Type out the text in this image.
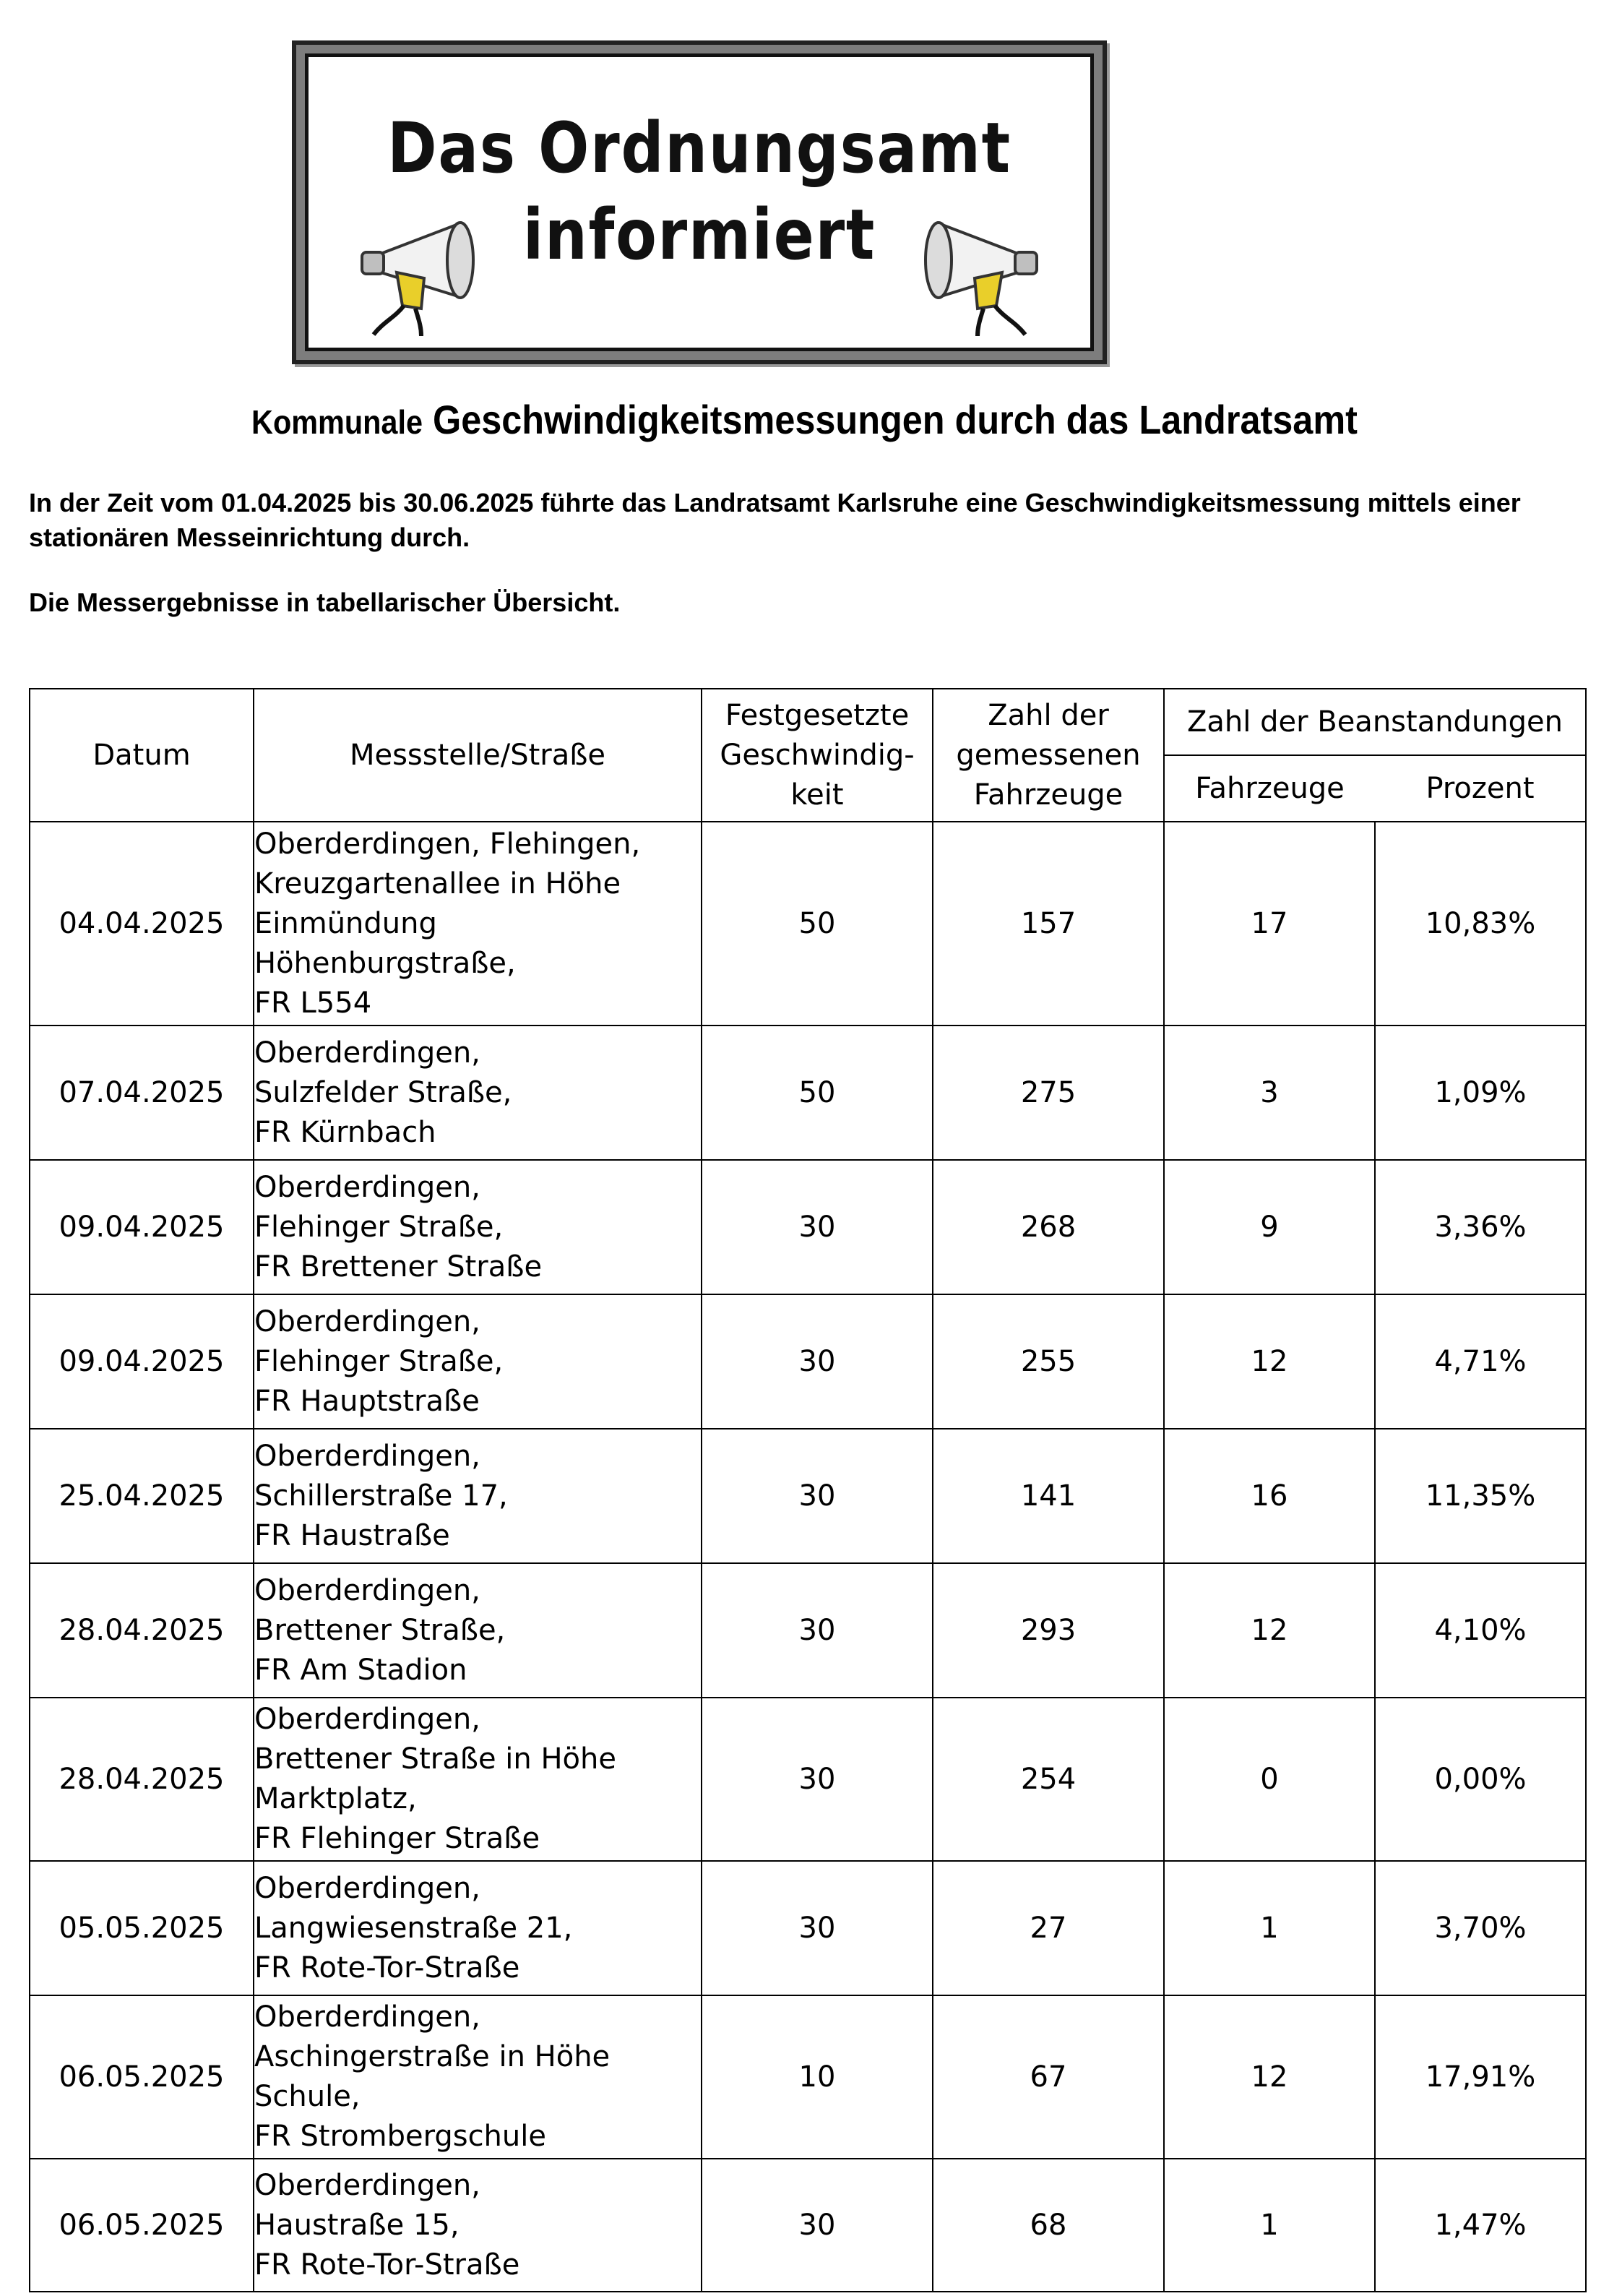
Das Ordnungsamt
informiert
Kommunale Geschwindigkeitsmessungen durch das Landratsamt

In der Zeit vom 01.04.2025 bis 30.06.2025 führte das Landratsamt Karlsruhe eine Geschwindigkeitsmessung mittels einer stationären Messeinrichtung durch.

Die Messergebnisse in tabellarischer Übersicht.

Datum	Messstelle/Straße	Festgesetzte
Geschwindig-
keit	Zahl der
gemessenen
Fahrzeuge	Zahl der Beanstandungen	
				Fahrzeuge	Prozent
04.04.2025	Oberderdingen, Flehingen,
Kreuzgartenallee in Höhe
Einmündung
Höhenburgstraße,
FR L554	50	157	17	10,83%
07.04.2025	Oberderdingen,
Sulzfelder Straße,
FR Kürnbach	50	275	3	1,09%
09.04.2025	Oberderdingen,
Flehinger Straße,
FR Brettener Straße	30	268	9	3,36%
09.04.2025	Oberderdingen,
Flehinger Straße,
FR Hauptstraße	30	255	12	4,71%
25.04.2025	Oberderdingen,
Schillerstraße 17,
FR Haustraße	30	141	16	11,35%
28.04.2025	Oberderdingen,
Brettener Straße,
FR Am Stadion	30	293	12	4,10%
28.04.2025	Oberderdingen,
Brettener Straße in Höhe
Marktplatz,
FR Flehinger Straße	30	254	0	0,00%
05.05.2025	Oberderdingen,
Langwiesenstraße 21,
FR Rote-Tor-Straße	30	27	1	3,70%
06.05.2025	Oberderdingen,
Aschingerstraße in Höhe
Schule,
FR Strombergschule	10	67	12	17,91%
06.05.2025	Oberderdingen,
Haustraße 15,
FR Rote-Tor-Straße	30	68	1	1,47%
